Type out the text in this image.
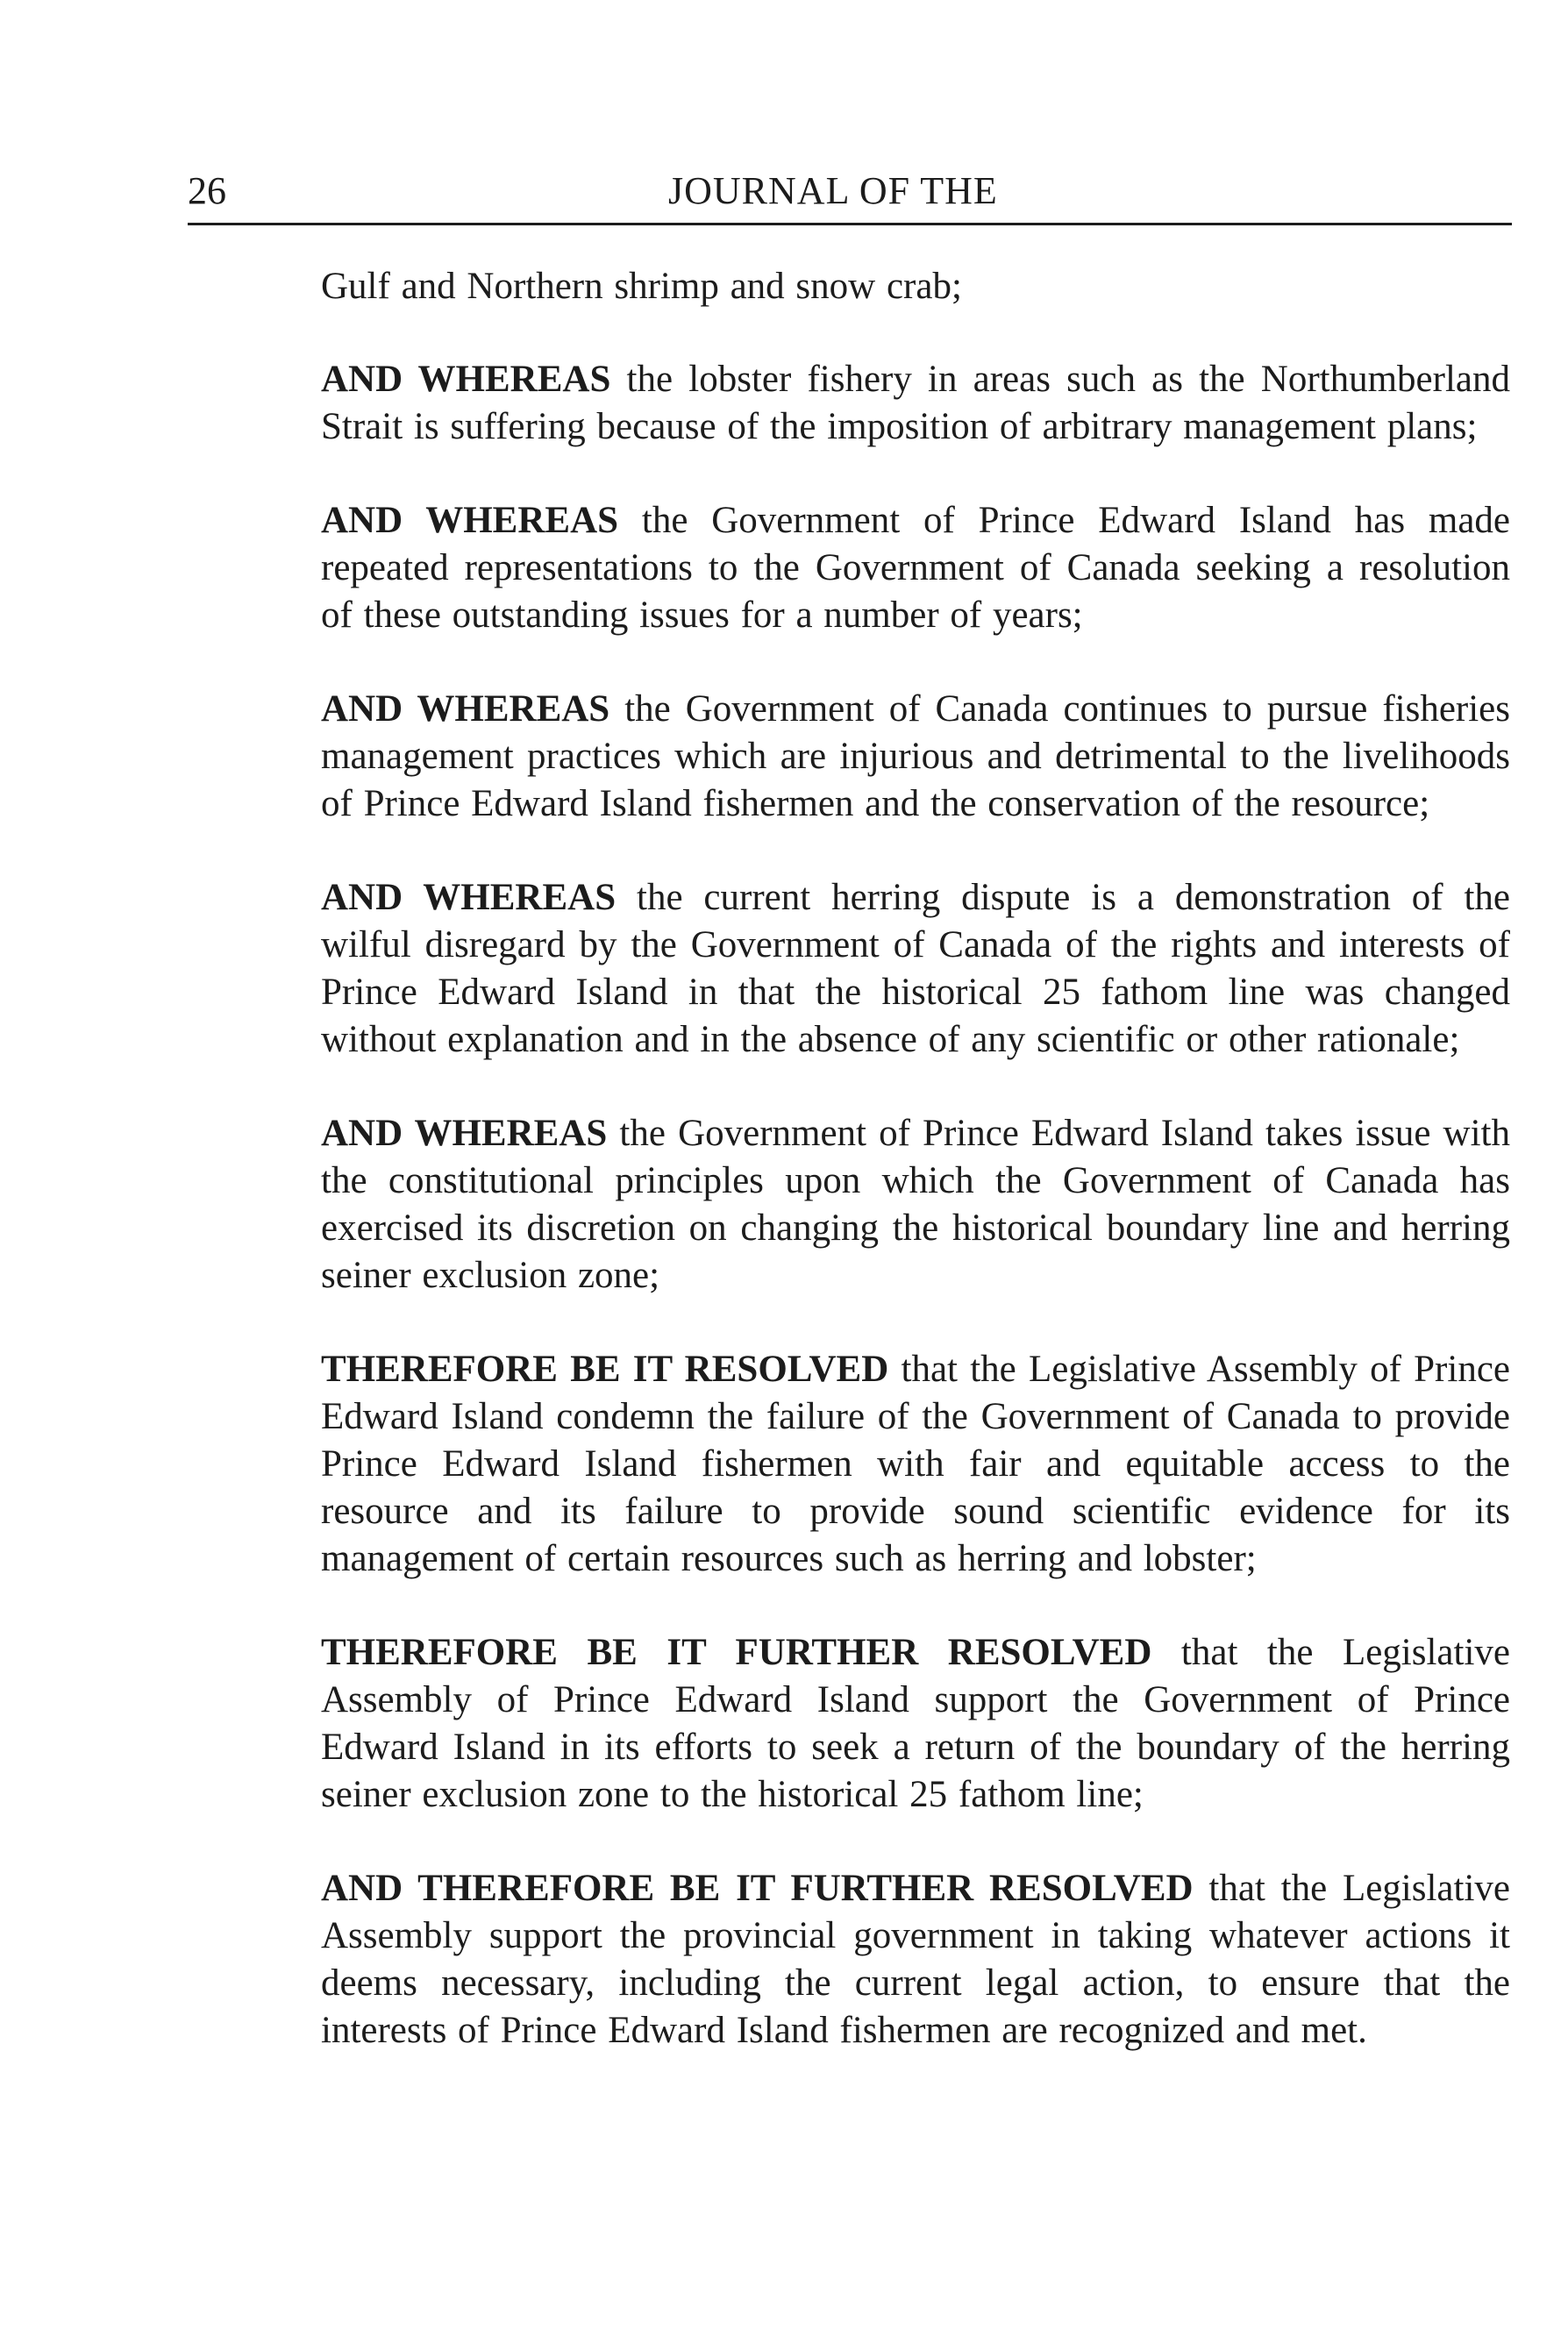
26	JOURNAL OF THE

Gulf and Northern shrimp and snow crab;

AND WHEREAS the lobster fishery in areas such as the Northumberland Strait is suffering because of the imposition of arbitrary management plans;

AND WHEREAS the Government of Prince Edward Island has made repeated representations to the Government of Canada seeking a resolution of these outstanding issues for a number of years;

AND WHEREAS the Government of Canada continues to pursue fisheries management practices which are injurious and detrimental to the livelihoods of Prince Edward Island fishermen and the conservation of the resource;

AND WHEREAS the current herring dispute is a demonstration of the wilful disregard by the Government of Canada of the rights and interests of Prince Edward Island in that the historical 25 fathom line was changed without explanation and in the absence of any scientific or other rationale;

AND WHEREAS the Government of Prince Edward Island takes issue with the constitutional principles upon which the Government of Canada has exercised its discretion on changing the historical boundary line and herring seiner exclusion zone;

THEREFORE BE IT RESOLVED that the Legislative Assembly of Prince Edward Island condemn the failure of the Government of Canada to provide Prince Edward Island fishermen with fair and equitable access to the resource and its failure to provide sound scientific evidence for its management of certain resources such as herring and lobster;

THEREFORE BE IT FURTHER RESOLVED that the Legislative Assembly of Prince Edward Island support the Government of Prince Edward Island in its efforts to seek a return of the boundary of the herring seiner exclusion zone to the historical 25 fathom line;

AND THEREFORE BE IT FURTHER RESOLVED that the Legislative Assembly support the provincial government in taking whatever actions it deems necessary, including the current legal action, to ensure that the interests of Prince Edward Island fishermen are recognized and met.
